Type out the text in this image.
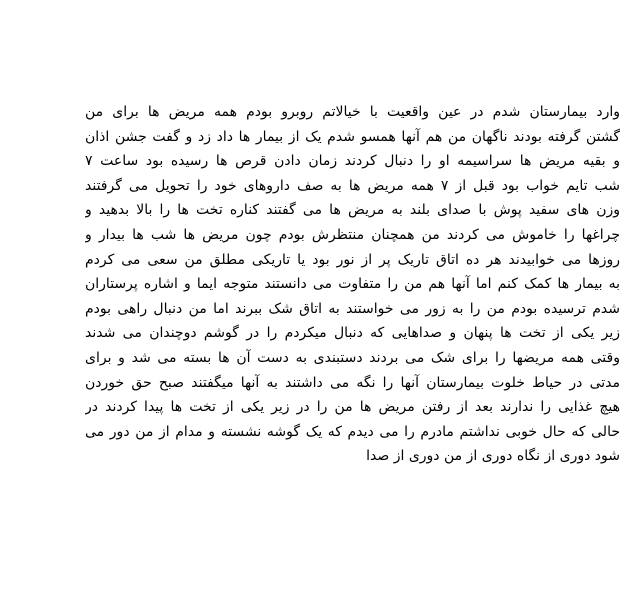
وارد بیمارستان شدم در عین واقعیت با خیالاتم روبرو بودم همه مریض ها برای من
گشتن گرفته بودند ناگهان من هم آنها همسو شدم یک از بیمار ها داد زد و گفت جشن اذان
و بقیه مریض ها سراسیمه او را دنبال کردند زمان دادن قرص ها رسیده بود ساعت ۷
شب تایم خواب بود قبل از ۷ همه مریض ها به صف داروهای خود را تحویل می گرفتند
وزن های سفید پوش با صدای بلند به مریض ها می گفتند کناره تخت ها را بالا بدهید و
چراغها را خاموش می کردند من همچنان منتظرش بودم چون مریض ها شب ها بیدار و
روزها می خوابیدند هر ده اتاق تاریک پر از نور بود یا تاریکی مطلق من سعی می کردم
به بیمار ها کمک کنم اما آنها هم من را متفاوت می دانستند متوجه ایما و اشاره پرستاران
شدم ترسیده بودم من را به زور می خواستند به اتاق شک ببرند اما من دنبال راهی بودم
زیر یکی از تخت ها پنهان و صداهایی که دنبال میکردم را در گوشم دوچندان می شدند
وقتی همه مریضها را برای شک می بردند دستبندی به دست آن ها بسته می شد و برای
مدتی در حیاط خلوت بیمارستان آنها را نگه می داشتند به آنها میگفتند صبح حق خوردن
هیچ غذایی را ندارند بعد از رفتن مریض ها من را در زیر یکی از تخت ها پیدا کردند در
حالی که حال خوبی نداشتم مادرم را می دیدم که یک گوشه نشسته و مدام از من دور می
شود دوری از نگاه دوری از من دوری از صدا
